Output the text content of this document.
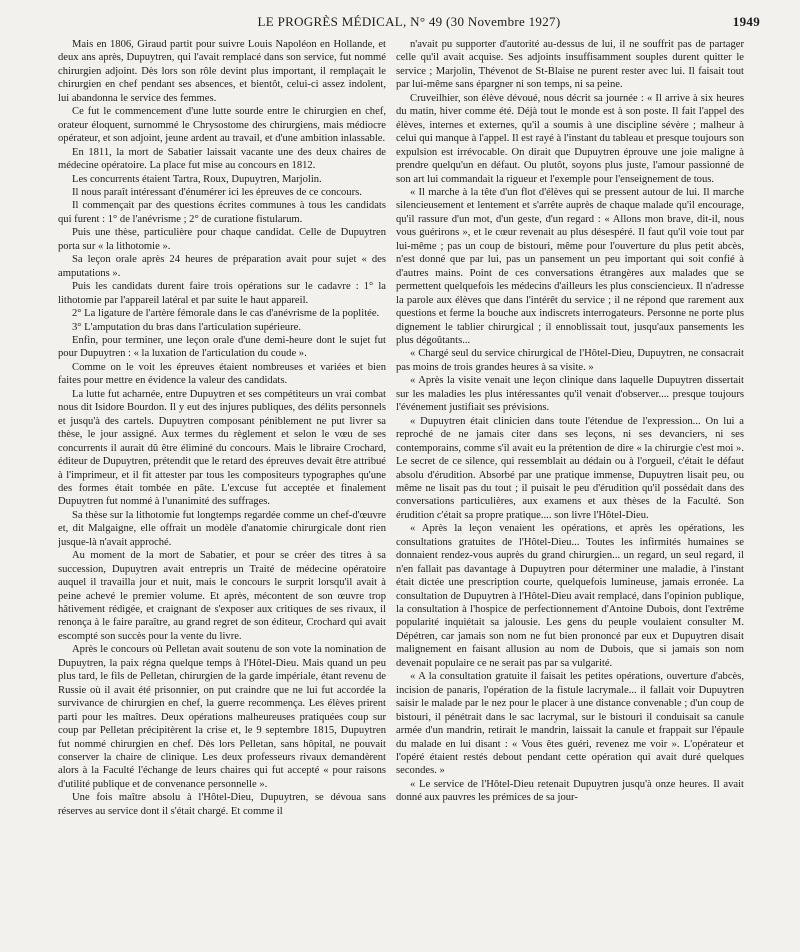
LE PROGRÈS MÉDICAL, N° 49 (30 Novembre 1927)	1949

Mais en 1806, Giraud partit pour suivre Louis Napoléon en Hollande, et deux ans après, Dupuytren, qui l'avait remplacé dans son service, fut nommé chirurgien adjoint. Dès lors son rôle devint plus important, il remplaçait le chirurgien en chef pendant ses absences, et bientôt, celui-ci assez indolent, lui abandonna le service des femmes.

Ce fut le commencement d'une lutte sourde entre le chirurgien en chef, orateur éloquent, surnommé le Chrysostome des chirurgiens, mais médiocre opérateur, et son adjoint, jeune ardent au travail, et d'une ambition inlassable.

En 1811, la mort de Sabatier laissait vacante une des deux chaires de médecine opératoire. La place fut mise au concours en 1812.

Les concurrents étaient Tartra, Roux, Dupuytren, Marjolin.

Il nous paraît intéressant d'énumérer ici les épreuves de ce concours.

Il commençait par des questions écrites communes à tous les candidats qui furent : 1° de l'anévrisme ; 2° de curatione fistularum.

Puis une thèse, particulière pour chaque candidat. Celle de Dupuytren porta sur « la lithotomie ».

Sa leçon orale après 24 heures de préparation avait pour sujet « des amputations ».

Puis les candidats durent faire trois opérations sur le cadavre : 1° la lithotomie par l'appareil latéral et par suite le haut appareil.

2° La ligature de l'artère fémorale dans le cas d'anévrisme de la poplitée.

3° L'amputation du bras dans l'articulation supérieure.

Enfin, pour terminer, une leçon orale d'une demi-heure dont le sujet fut pour Dupuytren : « la luxation de l'articulation du coude ».

Comme on le voit les épreuves étaient nombreuses et variées et bien faites pour mettre en évidence la valeur des candidats.

La lutte fut acharnée, entre Dupuytren et ses compétiteurs un vrai combat nous dit Isidore Bourdon. Il y eut des injures publiques, des délits personnels et jusqu'à des cartels. Dupuytren composant péniblement ne put livrer sa thèse, le jour assigné. Aux termes du règlement et selon le vœu de ses concurrents il aurait dû être éliminé du concours. Mais le libraire Crochard, éditeur de Dupuytren, prétendit que le retard des épreuves devait être attribué à l'imprimeur, et il fit attester par tous les compositeurs typographes qu'une des formes était tombée en pâte. L'excuse fut acceptée et finalement Dupuytren fut nommé à l'unanimité des suffrages.

Sa thèse sur la lithotomie fut longtemps regardée comme un chef-d'œuvre et, dit Malgaigne, elle offrait un modèle d'anatomie chirurgicale dont rien jusque-là n'avait approché.

Au moment de la mort de Sabatier, et pour se créer des titres à sa succession, Dupuytren avait entrepris un Traité de médecine opératoire auquel il travailla jour et nuit, mais le concours le surprit lorsqu'il avait à peine achevé le premier volume. Et après, mécontent de son œuvre trop hâtivement rédigée, et craignant de s'exposer aux critiques de ses rivaux, il renonça à le faire paraître, au grand regret de son éditeur, Crochard qui avait escompté son succès pour la vente du livre.

Après le concours où Pelletan avait soutenu de son vote la nomination de Dupuytren, la paix régna quelque temps à l'Hôtel-Dieu. Mais quand un peu plus tard, le fils de Pelletan, chirurgien de la garde impériale, étant revenu de Russie où il avait été prisonnier, on put craindre que ne lui fut accordée la survivance de chirurgien en chef, la guerre recommença. Les élèves prirent parti pour les maîtres. Deux opérations malheureuses pratiquées coup sur coup par Pelletan précipitèrent la crise et, le 9 septembre 1815, Dupuytren fut nommé chirurgien en chef. Dès lors Pelletan, sans hôpital, ne pouvait conserver la chaire de clinique. Les deux professeurs rivaux demandèrent alors à la Faculté l'échange de leurs chaires qui fut accepté « pour raisons d'utilité publique et de convenance personnelle ».

Une fois maître absolu à l'Hôtel-Dieu, Dupuytren, se dévoua sans réserves au service dont il s'était chargé. Et comme il

n'avait pu supporter d'autorité au-dessus de lui, il ne souffrit pas de partager celle qu'il avait acquise. Ses adjoints insuffisamment souples durent quitter le service ; Marjolin, Thévenot de St-Blaise ne purent rester avec lui. Il faisait tout par lui-même sans épargner ni son temps, ni sa peine.

Cruveilhier, son élève dévoué, nous décrit sa journée : « Il arrive à six heures du matin, hiver comme été. Déjà tout le monde est à son poste. Il fait l'appel des élèves, internes et externes, qu'il a soumis à une discipline sévère ; malheur à celui qui manque à l'appel. Il est rayé à l'instant du tableau et presque toujours son expulsion est irrévocable. On dirait que Dupuytren éprouve une joie maligne à prendre quelqu'un en défaut. Ou plutôt, soyons plus juste, l'amour passionné de son art lui commandait la rigueur et l'exemple pour l'enseignement de tous.

« Il marche à la tête d'un flot d'élèves qui se pressent autour de lui. Il marche silencieusement et lentement et s'arrête auprès de chaque malade qu'il encourage, qu'il rassure d'un mot, d'un geste, d'un regard : « Allons mon brave, dit-il, nous vous guérirons », et le cœur revenait au plus désespéré. Il faut qu'il voie tout par lui-même ; pas un coup de bistouri, même pour l'ouverture du plus petit abcès, n'est donné que par lui, pas un pansement un peu important qui soit confié à d'autres mains. Point de ces conversations étrangères aux malades que se permettent quelquefois les médecins d'ailleurs les plus consciencieux. Il n'adresse la parole aux élèves que dans l'intérêt du service ; il ne répond que rarement aux questions et ferme la bouche aux indiscrets interrogateurs. Personne ne porte plus dignement le tablier chirurgical ; il ennoblissait tout, jusqu'aux pansements les plus dégoûtants...

« Chargé seul du service chirurgical de l'Hôtel-Dieu, Dupuytren, ne consacrait pas moins de trois grandes heures à sa visite. »

« Après la visite venait une leçon clinique dans laquelle Dupuytren dissertait sur les maladies les plus intéressantes qu'il venait d'observer.... presque toujours l'événement justifiait ses prévisions.

« Dupuytren était clinicien dans toute l'étendue de l'expression... On lui a reproché de ne jamais citer dans ses leçons, ni ses devanciers, ni ses contemporains, comme s'il avait eu la prétention de dire « la chirurgie c'est moi ». Le secret de ce silence, qui ressemblait au dédain ou à l'orgueil, c'était le défaut absolu d'érudition. Absorbé par une pratique immense, Dupuytren lisait peu, ou même ne lisait pas du tout ; il puisait le peu d'érudition qu'il possédait dans des conversations particulières, aux examens et aux thèses de la Faculté. Son érudition c'était sa propre pratique.... son livre l'Hôtel-Dieu.

« Après la leçon venaient les opérations, et après les opérations, les consultations gratuites de l'Hôtel-Dieu... Toutes les infirmités humaines se donnaient rendez-vous auprès du grand chirurgien... un regard, un seul regard, il n'en fallait pas davantage à Dupuytren pour déterminer une maladie, à l'instant était dictée une prescription courte, quelquefois lumineuse, jamais erronée. La consultation de Dupuytren à l'Hôtel-Dieu avait remplacé, dans l'opinion publique, la consultation à l'hospice de perfectionnement d'Antoine Dubois, dont l'extrême popularité inquiétait sa jalousie. Les gens du peuple voulaient consulter M. Dépétren, car jamais son nom ne fut bien prononcé par eux et Dupuytren disait malignement en faisant allusion au nom de Dubois, que si jamais son nom devenait populaire ce ne serait pas par sa vulgarité.

« A la consultation gratuite il faisait les petites opérations, ouverture d'abcès, incision de panaris, l'opération de la fistule lacrymale... il fallait voir Dupuytren saisir le malade par le nez pour le placer à une distance convenable ; d'un coup de bistouri, il pénétrait dans le sac lacrymal, sur le bistouri il conduisait sa canule armée d'un mandrin, retirait le mandrin, laissait la canule et frappait sur l'épaule du malade en lui disant : « Vous êtes guéri, revenez me voir ». L'opérateur et l'opéré étaient restés debout pendant cette opération qui avait duré quelques secondes. »

« Le service de l'Hôtel-Dieu retenait Dupuytren jusqu'à onze heures. Il avait donné aux pauvres les prémices de sa jour-
